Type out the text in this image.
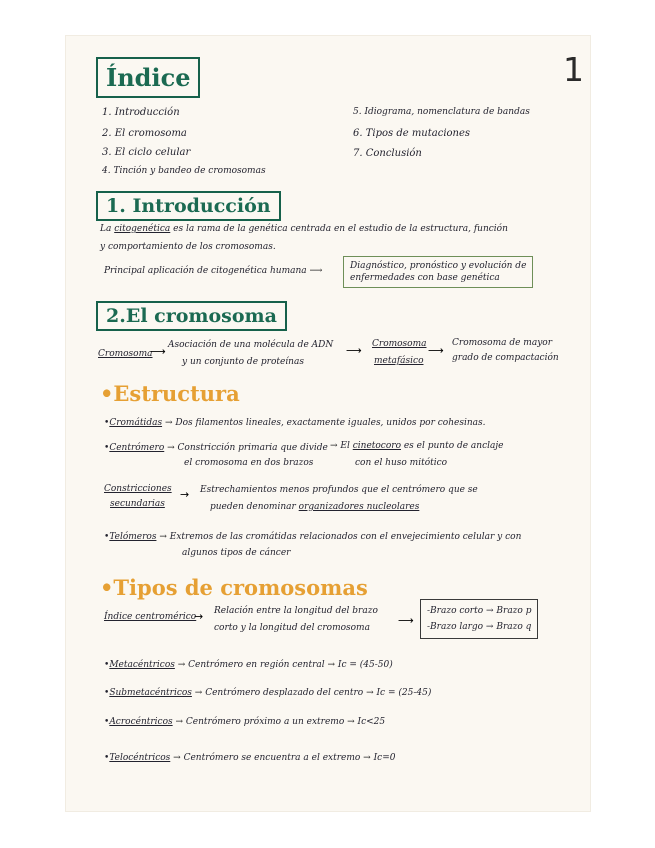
1
Índice
1. Introducción
2. El cromosoma
3. El ciclo celular
4. Tinción y bandeo de cromosomas
5. Idiograma, nomenclatura de bandas
6. Tipos de mutaciones
7. Conclusión
1. Introducción
La citogenética es la rama de la genética centrada en el estudio de la estructura, función
y comportamiento de los cromosomas.
Principal aplicación de citogenética humana ⟶	Diagnóstico, pronóstico y evolución de
enfermedades con base genética
2.El cromosoma
Cromosoma
⟶ Asociación de una molécula de ADN
y un conjunto de proteínas
⟶ Cromosoma
metafásico
⟶
Cromosoma de mayor
grado de compactación
•Estructura
•Cromátidas → Dos filamentos lineales, exactamente iguales, unidos por cohesinas.
•Centrómero → Constricción primaria que divide
el cromosoma en dos brazos
→ El cinetocoro es el punto de anclaje
con el huso mitótico
Constricciones
secundarias
→ Estrechamientos menos profundos que el centrómero que se
pueden denominar organizadores nucleolares
•Telómeros → Extremos de las cromátidas relacionados con el envejecimiento celular y con
algunos tipos de cáncer
•Tipos de cromosomas
Índice centromérico
→ Relación entre la longitud del brazo
corto y la longitud del cromosoma
⟶
-Brazo corto → Brazo p
-Brazo largo → Brazo q
•Metacéntricos → Centrómero en región central → Ic = (45-50)
•Submetacéntricos → Centrómero desplazado del centro → Ic = (25-45)
•Acrocéntricos → Centrómero próximo a un extremo → Ic<25
•Telocéntricos → Centrómero se encuentra a el extremo → Ic=0
